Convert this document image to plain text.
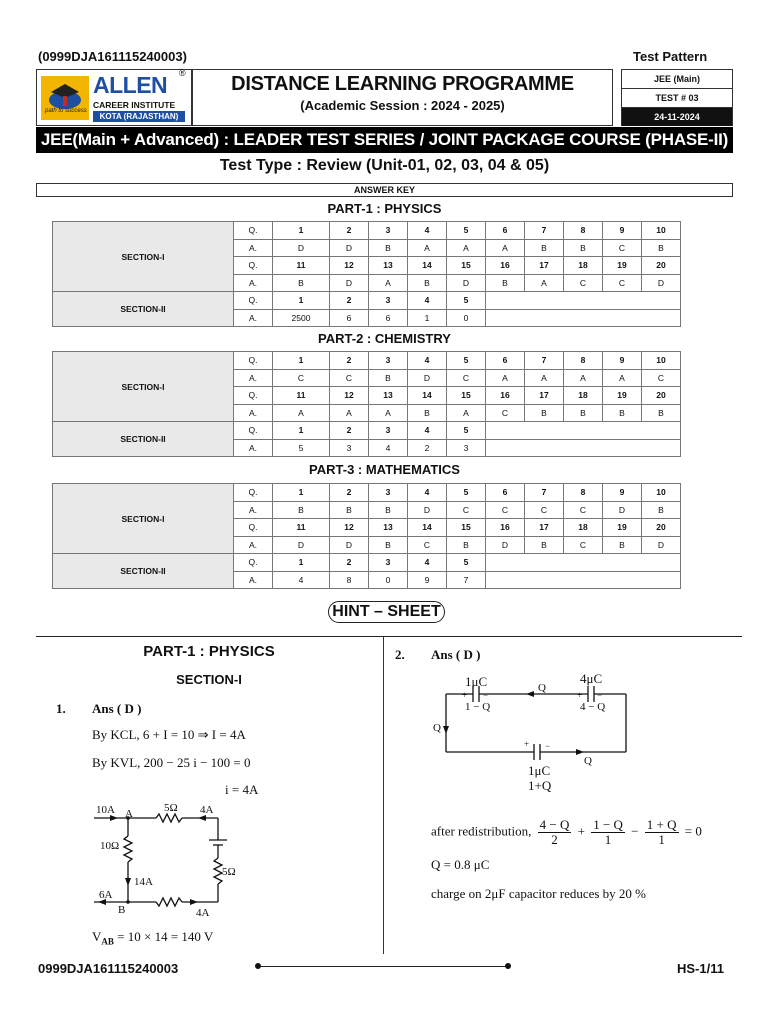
(0999DJA161115240003)	Test Pattern
ALLEN ®
CAREER INSTITUTE
KOTA (RAJASTHAN)
path to success
DISTANCE LEARNING PROGRAMME
(Academic Session : 2024 - 2025)
JEE (Main)
TEST # 03
24-11-2024
JEE(Main + Advanced) : LEADER TEST SERIES / JOINT PACKAGE COURSE (PHASE-II)
Test Type : Review (Unit-01, 02, 03, 04 & 05)
ANSWER KEY
PART-1 : PHYSICS
PART-2 : CHEMISTRY
PART-3 : MATHEMATICS
SECTION-I	Q.	1	2	3	4	5	6	7	8	9	10
	A.	D	D	B	A	A	A	B	B	C	B
	Q.	11	12	13	14	15	16	17	18	19	20
	A.	B	D	A	B	D	B	A	C	C	D
SECTION-II	Q.	1	2	3	4	5					
	A.	2500	6	6	1	0					
SECTION-I	Q.	1	2	3	4	5	6	7	8	9	10
	A.	C	C	B	D	C	A	A	A	A	C
	Q.	11	12	13	14	15	16	17	18	19	20
	A.	A	A	A	B	A	C	B	B	B	B
SECTION-II	Q.	1	2	3	4	5					
	A.	5	3	4	2	3					
SECTION-I	Q.	1	2	3	4	5	6	7	8	9	10
	A.	B	B	B	D	C	C	C	C	D	B
	Q.	11	12	13	14	15	16	17	18	19	20
	A.	D	D	B	C	B	D	B	C	B	D
SECTION-II	Q.	1	2	3	4	5					
	A.	4	8	0	9	7					
HINT – SHEET
PART-1 : PHYSICS
SECTION-I
1. Ans ( D )
By KCL, 6 + I = 10 ⇒ I = 4A
By KVL, 200 − 25 i − 100 = 0
i = 4A
10A A	5Ω 4A
10Ω
14A
5Ω
6A
B	4A
$V_{AB} = 10 \times 14 = 140$ V
2. Ans ( D )
1μC
1 − Q
+ −
Q
4μC
4 − Q
+ −
Q
+ −
1μC
1+Q
Q
after redistribution, $\frac{4 - Q}{2} + \frac{1 - Q}{1} - \frac{1 + Q}{1} = 0$
Q = 0.8 μC
charge on 2μF capacitor reduces by 20 %
0999DJA161115240003	HS-1/11
